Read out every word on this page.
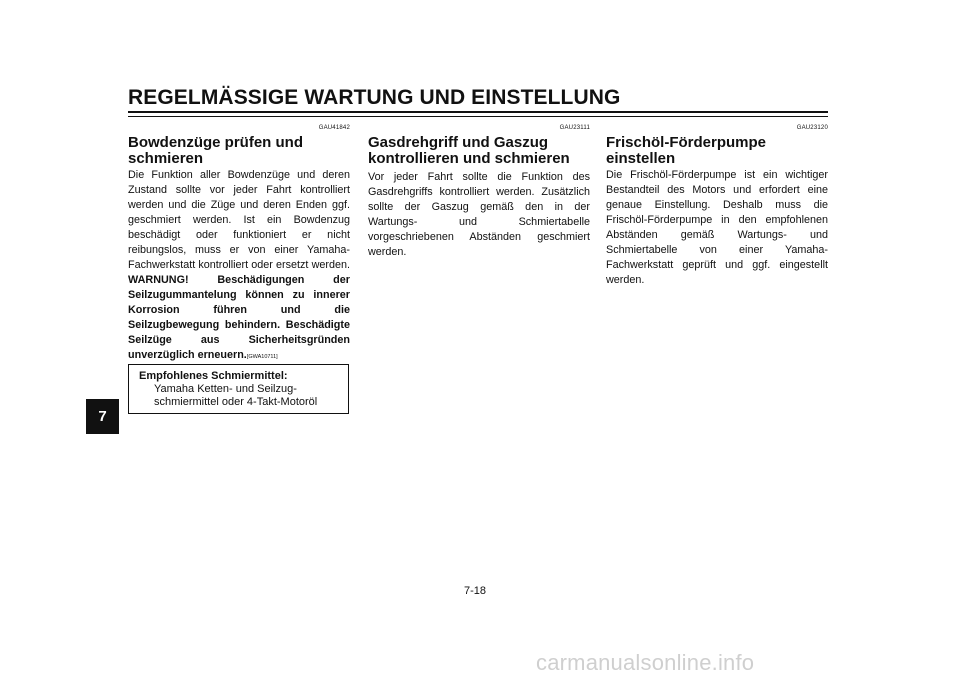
REGELMÄSSIGE WARTUNG UND EINSTELLUNG
7
GAU41842
Bowdenzüge prüfen und
schmieren
Die Funktion aller Bowdenzüge und deren Zustand sollte vor jeder Fahrt kontrolliert werden und die Züge und deren Enden ggf. geschmiert werden. Ist ein Bowdenzug beschädigt oder funktioniert er nicht reibungslos, muss er von einer Yamaha-Fachwerkstatt kontrolliert oder ersetzt werden. WARNUNG! Beschädigungen der Seilzugummantelung können zu innerer Korrosion führen und die Seilzugbewegung behindern. Beschädigte Seilzüge aus Sicherheitsgründen unverzüglich erneuern.[GWA10711]
Empfohlenes Schmiermittel:
Yamaha Ketten- und Seilzug-
schmiermittel oder 4-Takt-Motoröl
GAU23111
Gasdrehgriff und Gaszug
kontrollieren und schmieren
Vor jeder Fahrt sollte die Funktion des Gasdrehgriffs kontrolliert werden. Zusätzlich sollte der Gaszug gemäß den in der Wartungs- und Schmiertabelle vorgeschriebenen Abständen geschmiert werden.
GAU23120
Frischöl-Förderpumpe einstellen
Die Frischöl-Förderpumpe ist ein wichtiger Bestandteil des Motors und erfordert eine genaue Einstellung. Deshalb muss die Frischöl-Förderpumpe in den empfohlenen Abständen gemäß Wartungs- und Schmiertabelle von einer Yamaha-Fachwerkstatt geprüft und ggf. eingestellt werden.
7-18
carmanualsonline.info
